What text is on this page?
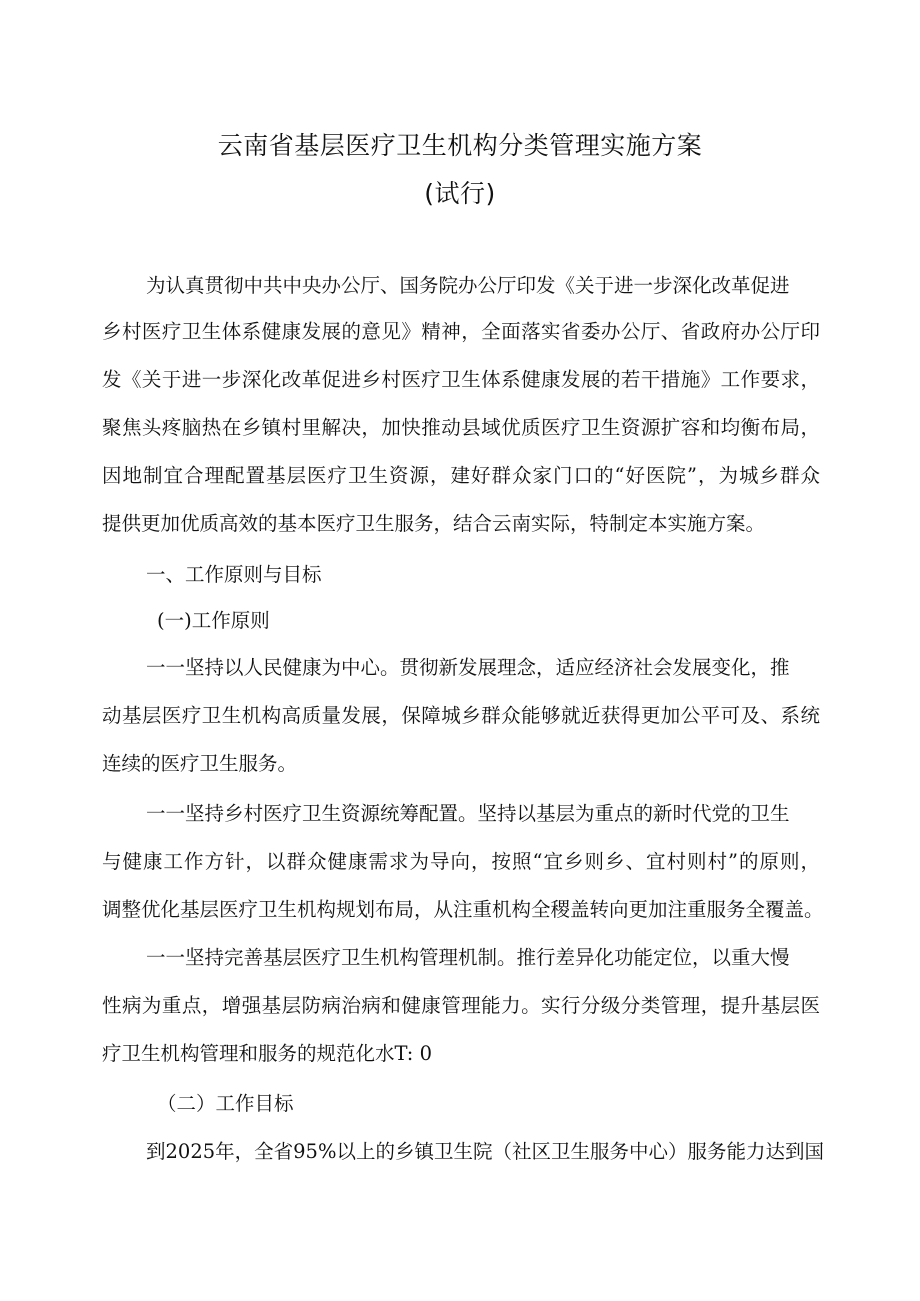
云南省基层医疗卫生机构分类管理实施方案
(试行)
为认真贯彻中共中央办公厅、国务院办公厅印发《关于进一步深化改革促进
乡村医疗卫生体系健康发展的意见》精神，全面落实省委办公厅、省政府办公厅印
发《关于进一步深化改革促进乡村医疗卫生体系健康发展的若干措施》工作要求，
聚焦头疼脑热在乡镇村里解决，加快推动县域优质医疗卫生资源扩容和均衡布局，
因地制宜合理配置基层医疗卫生资源，建好群众家门口的“好医院”，为城乡群众
提供更加优质高效的基本医疗卫生服务，结合云南实际，特制定本实施方案。
一、工作原则与目标
(一)工作原则
一一坚持以人民健康为中心。贯彻新发展理念，适应经济社会发展变化，推
动基层医疗卫生机构高质量发展，保障城乡群众能够就近获得更加公平可及、系统
连续的医疗卫生服务。
一一坚持乡村医疗卫生资源统筹配置。坚持以基层为重点的新时代党的卫生
与健康工作方针，以群众健康需求为导向，按照“宜乡则乡、宜村则村”的原则，
调整优化基层医疗卫生机构规划布局，从注重机构全稷盖转向更加注重服务全覆盖。
一一坚持完善基层医疗卫生机构管理机制。推行差异化功能定位，以重大慢
性病为重点，增强基层防病治病和健康管理能力。实行分级分类管理，提升基层医
疗卫生机构管理和服务的规范化水T: 0
（二）工作目标
到2025年，全省95%以上的乡镇卫生院（社区卫生服务中心）服务能力达到国
